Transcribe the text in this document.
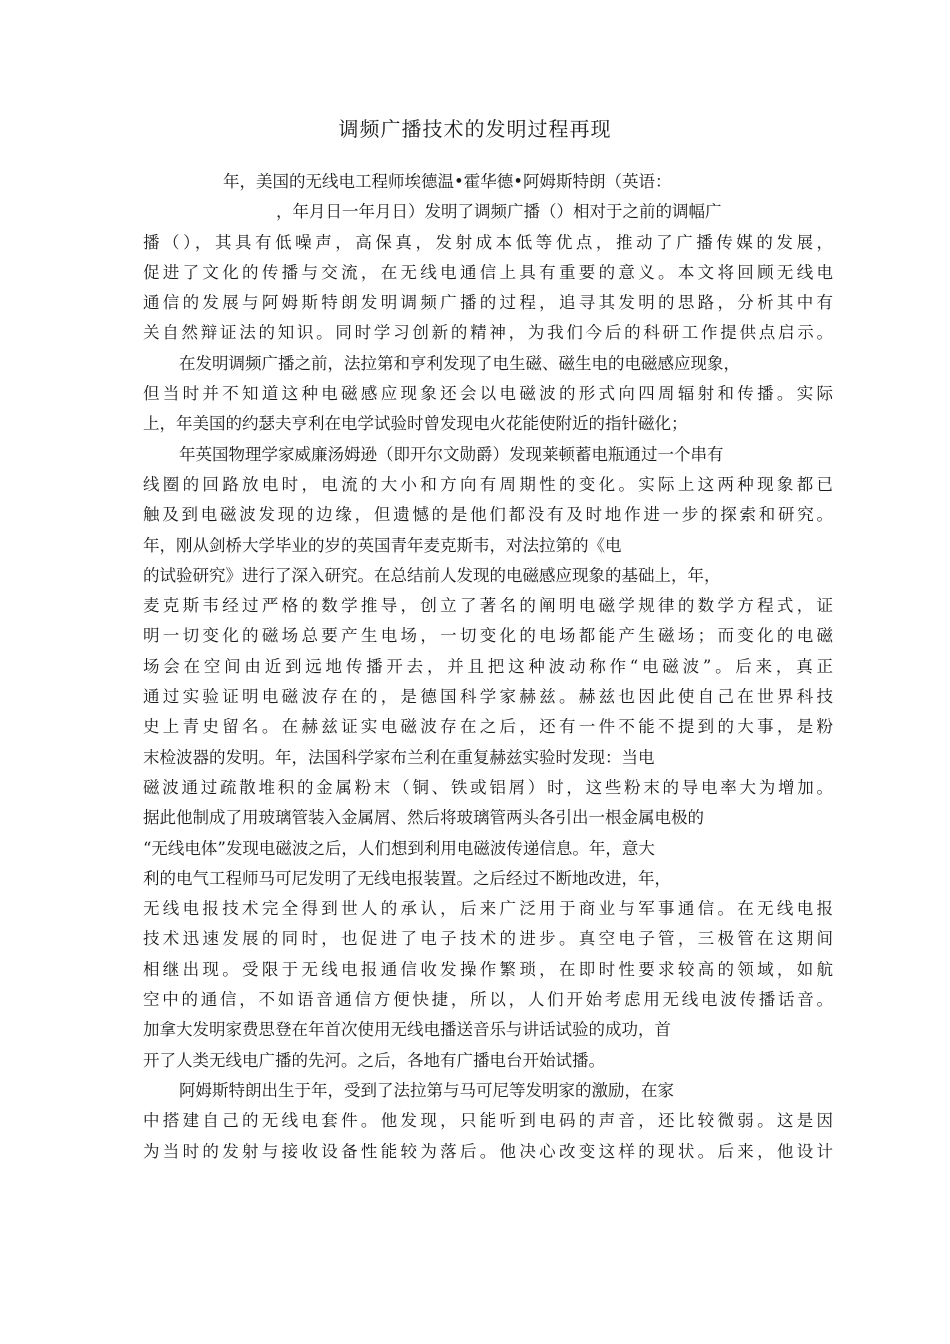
调频广播技术的发明过程再现
年，美国的无线电工程师埃德温•霍华德•阿姆斯特朗（英语：
，年月日一年月日）发明了调频广播（）相对于之前的调幅广
播（），其具有低噪声，高保真，发射成本低等优点，推动了广播传媒的发展，
促进了文化的传播与交流，在无线电通信上具有重要的意义。本文将回顾无线电
通信的发展与阿姆斯特朗发明调频广播的过程，追寻其发明的思路，分析其中有
关自然辩证法的知识。同时学习创新的精神，为我们今后的科研工作提供点启示。
在发明调频广播之前，法拉第和亨利发现了电生磁、磁生电的电磁感应现象，
但当时并不知道这种电磁感应现象还会以电磁波的形式向四周辐射和传播。实际
上，年美国的约瑟夫亨利在电学试验时曾发现电火花能使附近的指针磁化；
年英国物理学家威廉汤姆逊（即开尔文勋爵）发现莱顿蓄电瓶通过一个串有
线圈的回路放电时，电流的大小和方向有周期性的变化。实际上这两种现象都已
触及到电磁波发现的边缘，但遗憾的是他们都没有及时地作进一步的探索和研究。
年，刚从剑桥大学毕业的岁的英国青年麦克斯韦，对法拉第的《电
的试验研究》进行了深入研究。在总结前人发现的电磁感应现象的基础上，年，
麦克斯韦经过严格的数学推导，创立了著名的阐明电磁学规律的数学方程式，证
明一切变化的磁场总要产生电场，一切变化的电场都能产生磁场；而变化的电磁
场会在空间由近到远地传播开去，并且把这种波动称作“电磁波”。后来，真正
通过实验证明电磁波存在的，是德国科学家赫兹。赫兹也因此使自己在世界科技
史上青史留名。在赫兹证实电磁波存在之后，还有一件不能不提到的大事，是粉
末检波器的发明。年，法国科学家布兰利在重复赫兹实验时发现：当电
磁波通过疏散堆积的金属粉末（铜、铁或铝屑）时，这些粉末的导电率大为增加。
据此他制成了用玻璃管装入金属屑、然后将玻璃管两头各引出一根金属电极的
“无线电体”发现电磁波之后，人们想到利用电磁波传递信息。年，意大
利的电气工程师马可尼发明了无线电报装置。之后经过不断地改进，年，
无线电报技术完全得到世人的承认，后来广泛用于商业与军事通信。在无线电报
技术迅速发展的同时，也促进了电子技术的进步。真空电子管，三极管在这期间
相继出现。受限于无线电报通信收发操作繁琐，在即时性要求较高的领域，如航
空中的通信，不如语音通信方便快捷，所以，人们开始考虑用无线电波传播话音。
加拿大发明家费思登在年首次使用无线电播送音乐与讲话试验的成功，首
开了人类无线电广播的先河。之后，各地有广播电台开始试播。
阿姆斯特朗出生于年，受到了法拉第与马可尼等发明家的激励，在家
中搭建自己的无线电套件。他发现，只能听到电码的声音，还比较微弱。这是因
为当时的发射与接收设备性能较为落后。他决心改变这样的现状。后来，他设计
